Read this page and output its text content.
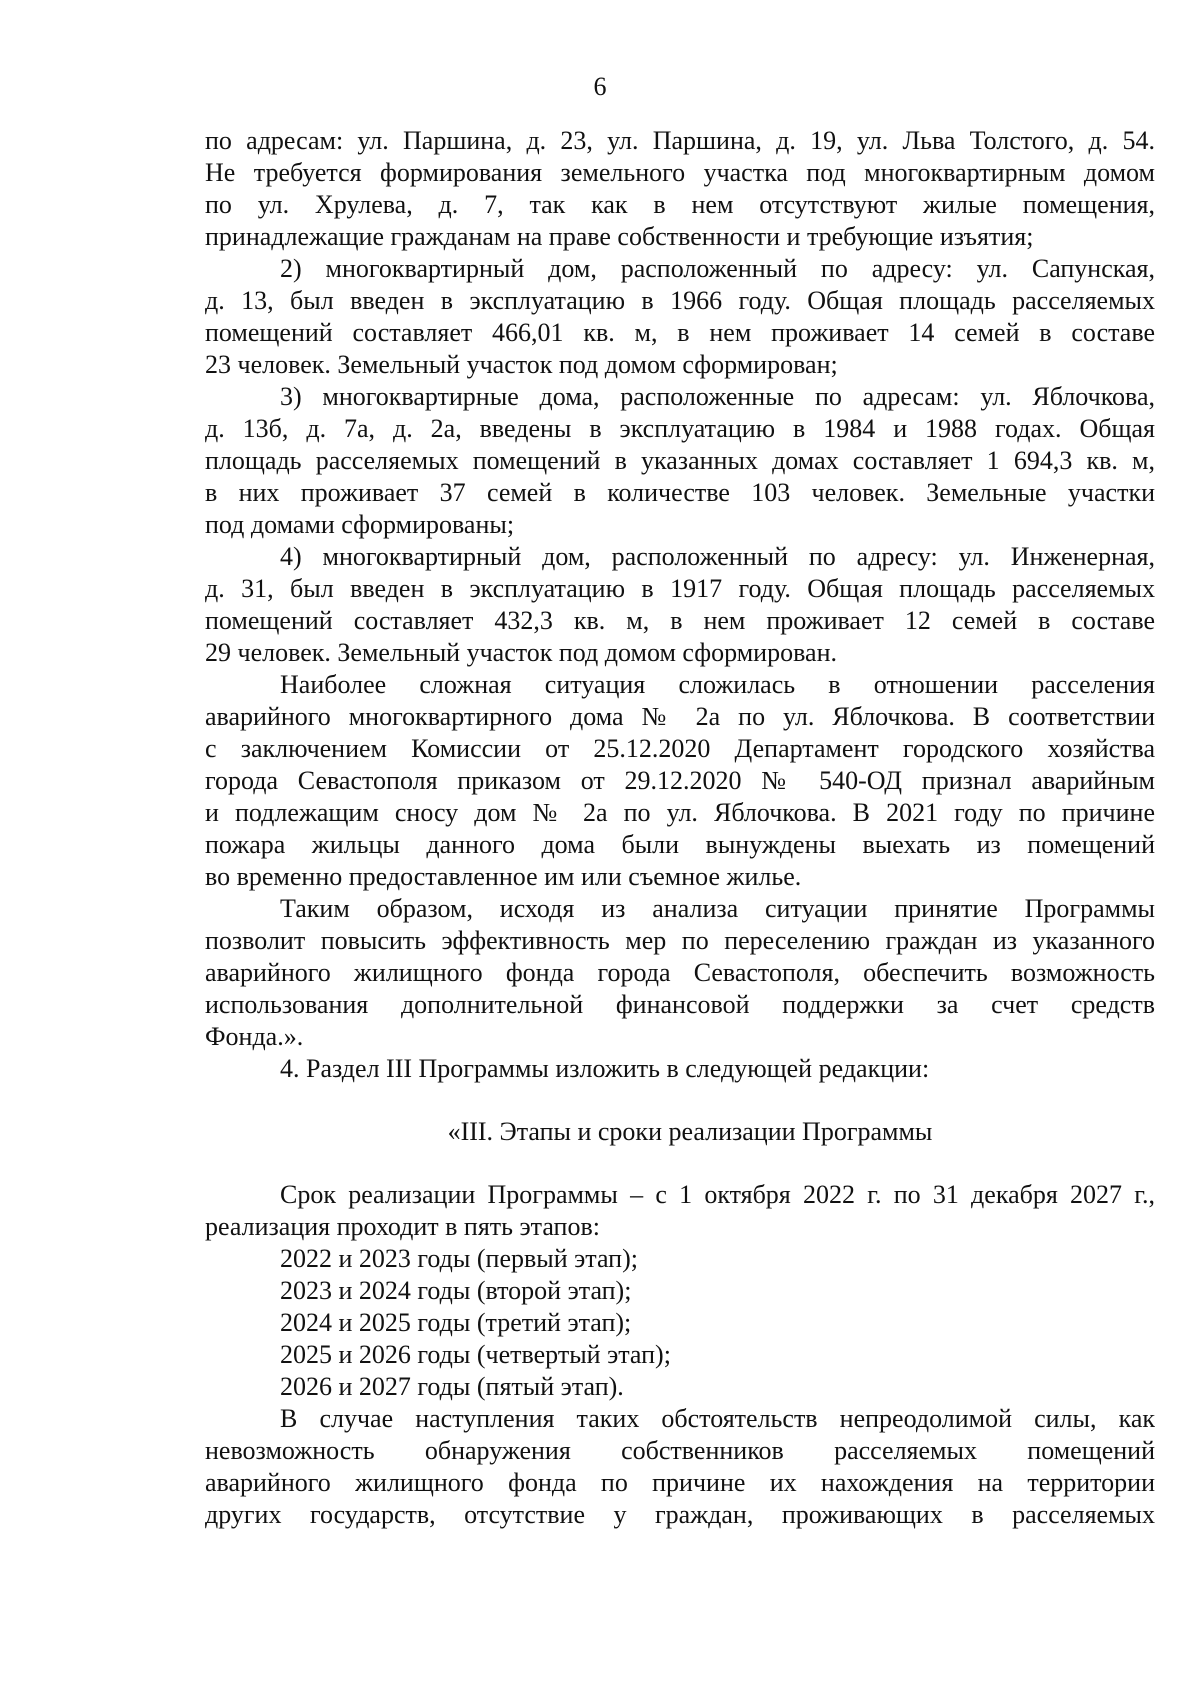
6
по адресам: ул. Паршина, д. 23, ул. Паршина, д. 19, ул. Льва Толстого, д. 54.
Не требуется формирования земельного участка под многоквартирным домом
по ул. Хрулева, д. 7, так как в нем отсутствуют жилые помещения,
принадлежащие гражданам на праве собственности и требующие изъятия;
2) многоквартирный дом, расположенный по адресу: ул. Сапунская,
д. 13, был введен в эксплуатацию в 1966 году. Общая площадь расселяемых
помещений составляет 466,01 кв. м, в нем проживает 14 семей в составе
23 человек. Земельный участок под домом сформирован;
3) многоквартирные дома, расположенные по адресам: ул. Яблочкова,
д. 13б, д. 7а, д. 2а, введены в эксплуатацию в 1984 и 1988 годах. Общая
площадь расселяемых помещений в указанных домах составляет 1 694,3 кв. м,
в них проживает 37 семей в количестве 103 человек. Земельные участки
под домами сформированы;
4) многоквартирный дом, расположенный по адресу: ул. Инженерная,
д. 31, был введен в эксплуатацию в 1917 году. Общая площадь расселяемых
помещений составляет 432,3 кв. м, в нем проживает 12 семей в составе
29 человек. Земельный участок под домом сформирован.
Наиболее сложная ситуация сложилась в отношении расселения
аварийного многоквартирного дома № 2а по ул. Яблочкова. В соответствии
с заключением Комиссии от 25.12.2020 Департамент городского хозяйства
города Севастополя приказом от 29.12.2020 № 540-ОД признал аварийным
и подлежащим сносу дом № 2а по ул. Яблочкова. В 2021 году по причине
пожара жильцы данного дома были вынуждены выехать из помещений
во временно предоставленное им или съемное жилье.
Таким образом, исходя из анализа ситуации принятие Программы
позволит повысить эффективность мер по переселению граждан из указанного
аварийного жилищного фонда города Севастополя, обеспечить возможность
использования дополнительной финансовой поддержки за счет средств
Фонда.».
4. Раздел III Программы изложить в следующей редакции:
«III. Этапы и сроки реализации Программы
Срок реализации Программы – с 1 октября 2022 г. по 31 декабря 2027 г.,
реализация проходит в пять этапов:
2022 и 2023 годы (первый этап);
2023 и 2024 годы (второй этап);
2024 и 2025 годы (третий этап);
2025 и 2026 годы (четвертый этап);
2026 и 2027 годы (пятый этап).
В случае наступления таких обстоятельств непреодолимой силы, как
невозможность обнаружения собственников расселяемых помещений
аварийного жилищного фонда по причине их нахождения на территории
других государств, отсутствие у граждан, проживающих в расселяемых
